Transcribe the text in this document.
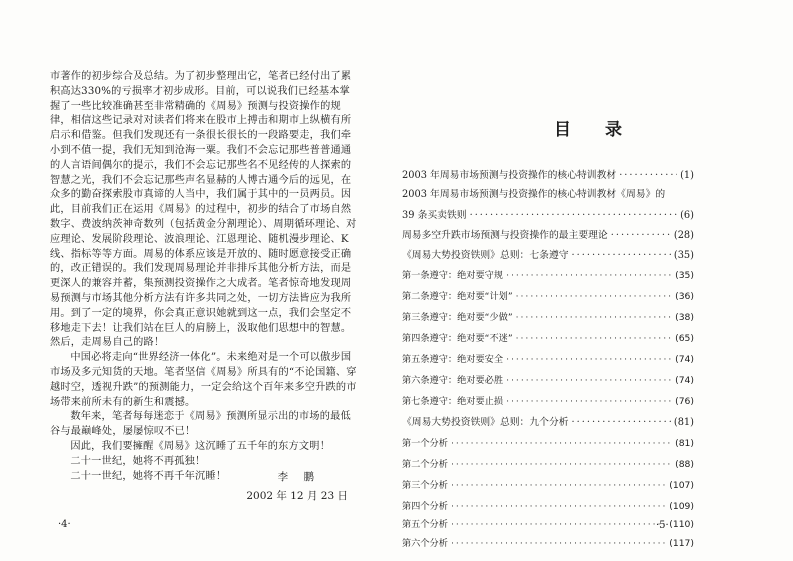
市著作的初步综合及总结。为了初步整理出它，笔者已经付出了累积高达330%的亏损率才初步成形。目前，可以说我们已经基本掌握了一些比较准确甚至非常精确的《周易》预测与投资操作的规律，相信这些记录对对读者们将来在股市上搏击和期市上纵横有所启示和借鉴。但我们发现还有一条很长很长的一段路要走，我们牵小到不值一提，我们无知到沧海一粟。我们不会忘记那些普普通通的人言语间偶尔的提示，我们不会忘记那些名不见经传的人探索的智慧之光，我们不会忘记那些声名显赫的人博古通今后的远见，在众多的勤奋探索股市真谛的人当中，我们属于其中的一员两员。因此，目前我们正在运用《周易》的过程中，初步的结合了市场自然数字、费波纳茨神奇数列（包括黄金分割理论）、周期循环理论、对应理论、发展阶段理论、波浪理论、江恩理论、随机漫步理论、K线、指标等等方面。周易的体系应该是开放的、随时愿意接受正确的，改正错误的。我们发现周易理论并非排斥其他分析方法，而是更深人的兼容并蓄，集预测投资操作之大成者。笔者惊奇地发现周易预测与市场其他分析方法有许多共同之处，一切方法皆应为我所用。到了一定的境界，你会真正意识她就到这一点，我们会坚定不移地走下去！让我们站在巨人的肩膀上，汲取他们思想中的智慧。然后，走周易自己的路！

中国必将走向“世界经济一体化”。未来绝对是一个可以傲步国市场及多元知货的天地。笔者坚信《周易》所具有的“不论国籍、穿越时空，透视升跌”的预测能力，一定会给这个百年来多空升跌的市场带来前所未有的新生和震撼。

数年来，笔者每每迷恋于《周易》预测所显示出的市场的最低谷与最巅峰处，屡屡惊叹不已！

因此，我们要擁醒《周易》这沉睡了五千年的东方文明！

二十一世纪，她将不再孤独！

二十一世纪，她将不再千年沉睡！	李 鹏
2002 年 12 月 23 日
·4·
目 录
2003 年周易市场预测与投资操作的核心特训教材 ·····	(1)
2003 年周易市场预测与投资操作的核心特训教材《周易》的
39 条买卖铁则 ·····	(6)
周易多空升跌市场预测与投资操作的最主要理论 ·····	(28)
《周易大势投资铁则》总则：七条遵守 ·····	(35)
第一条遵守：绝对要守规 ·····	(35)
第二条遵守：绝对要“计划” ·····	(36)
第三条遵守：绝对要“少做” ·····	(38)
第四条遵守：绝对要“不迷” ·····	(65)
第五条遵守：绝对要安全 ·····	(74)
第六条遵守：绝对要必胜 ·····	(74)
第七条遵守：绝对要止损 ·····	(76)
《周易大势投资铁则》总则：九个分析 ·····	(81)
第一个分析 ·····	(81)
第二个分析 ·····	(88)
第三个分析 ·····	(107)
第四个分析 ·····	(109)
第五个分析 ·····	(110)
第六个分析 ·····	(117)
·5·
